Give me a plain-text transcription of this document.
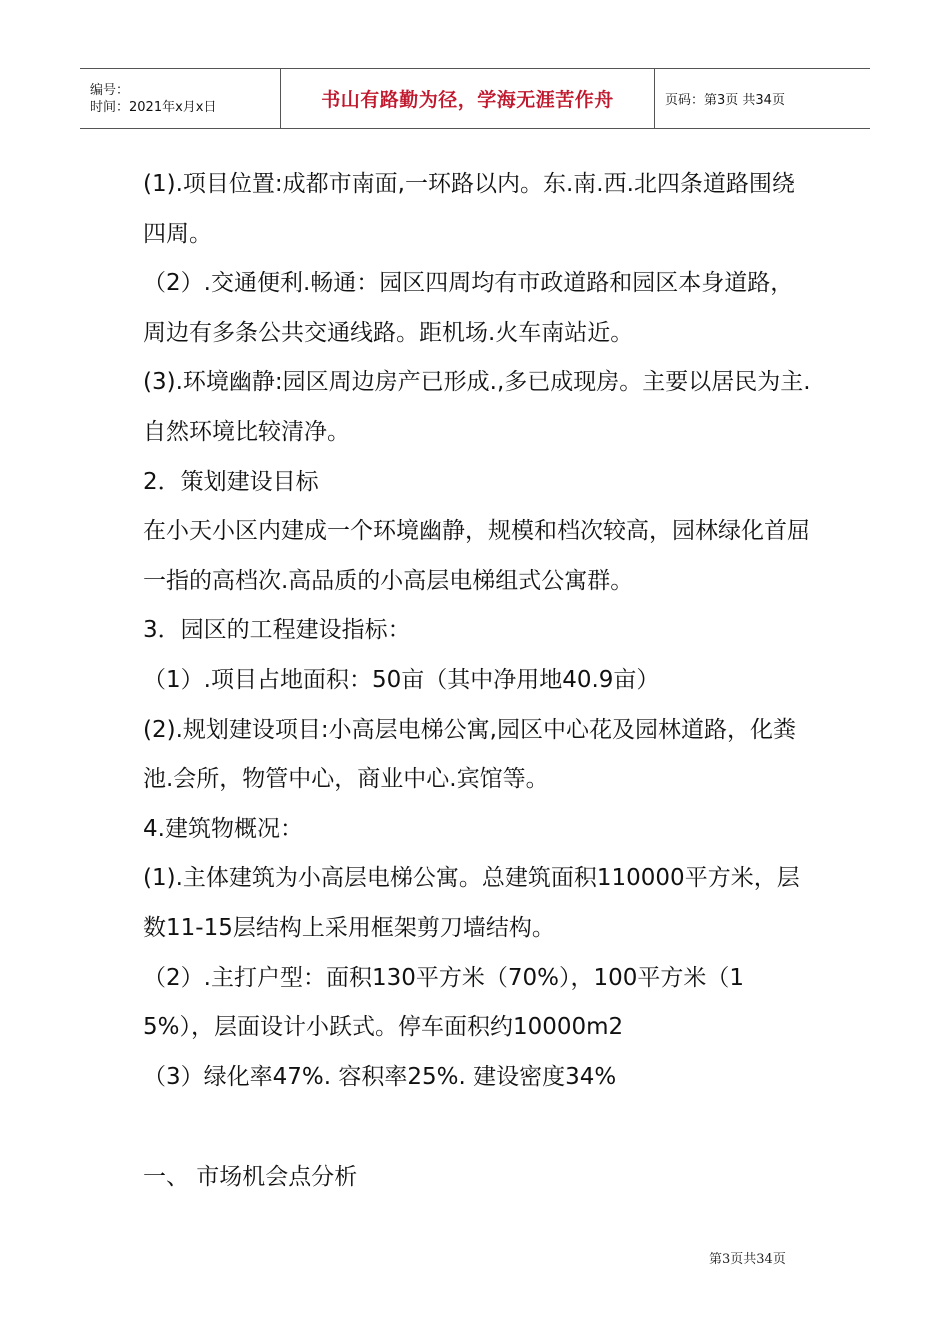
编号：
时间：2021年x月x日	书山有路勤为径，学海无涯苦作舟	页码：第3页 共34页

(1).项目位置:成都市南面,一环路以内。东.南.西.北四条道路围绕四周。

（2）.交通便利.畅通：园区四周均有市政道路和园区本身道路，周边有多条公共交通线路。距机场.火车南站近。

(3).环境幽静:园区周边房产已形成.,多已成现房。主要以居民为主.自然环境比较清净。

2．策划建设目标

在小天小区内建成一个环境幽静，规模和档次较高，园林绿化首屈一指的高档次.高品质的小高层电梯组式公寓群。

3．园区的工程建设指标：

（1）.项目占地面积：50亩（其中净用地40.9亩）

(2).规划建设项目:小高层电梯公寓,园区中心花及园林道路，化粪池.会所，物管中心，商业中心.宾馆等。

4.建筑物概况：

(1).主体建筑为小高层电梯公寓。总建筑面积110000平方米，层数11-15层结构上采用框架剪刀墙结构。

（2）.主打户型：面积130平方米（70%），100平方米（15%），层面设计小跃式。停车面积约10000m2

（3）绿化率47%. 容积率25%. 建设密度34%

一、 市场机会点分析
第3页共34页
